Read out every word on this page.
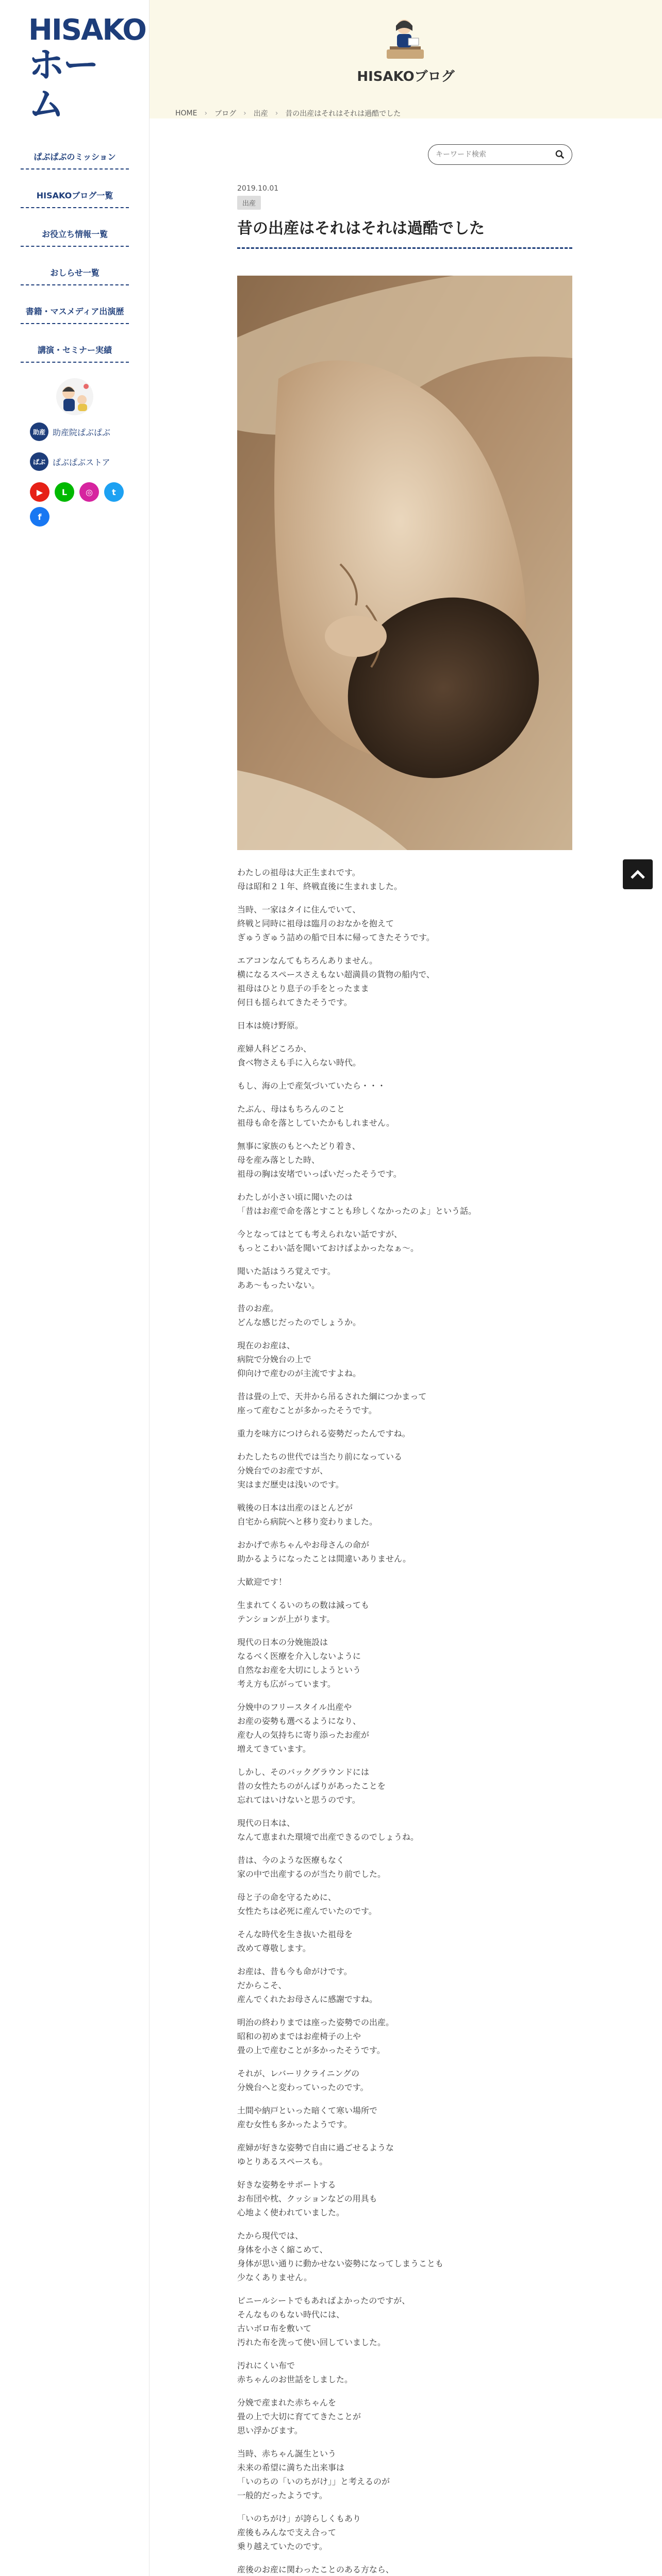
HISAKO
ホーム
ぱぶぱぶのミッション
HISAKOブログ一覧
お役立ち情報一覧
おしらせ一覧
書籍・マスメディア出演歴
講演・セミナー実績
助産 助産院ぱぶぱぶ
ぱぶ ぱぶぱぶストア
▶	L	◎	t
f
HISAKOブログ
HOME › ブログ › 出産 › 昔の出産はそれはそれは過酷でした
キーワード検索
2019.10.01
出産
昔の出産はそれはそれは過酷でした

わたしの祖母は大正生まれです。
母は昭和２１年、終戦直後に生まれました。

当時、一家はタイに住んでいて、
終戦と同時に祖母は臨月のおなかを抱えて
ぎゅうぎゅう詰めの船で日本に帰ってきたそうです。

エアコンなんてもちろんありません。
横になるスペースさえもない超満員の貨物の船内で、
祖母はひとり息子の手をとったまま
何日も揺られてきたそうです。

日本は焼け野原。

産婦人科どころか、
食べ物さえも手に入らない時代。

もし、海の上で産気づいていたら・・・

たぶん、母はもちろんのこと
祖母も命を落としていたかもしれません。

無事に家族のもとへたどり着き、
母を産み落とした時、
祖母の胸は安堵でいっぱいだったそうです。

わたしが小さい頃に聞いたのは
「昔はお産で命を落とすことも珍しくなかったのよ」という話。

今となってはとても考えられない話ですが、
もっとこわい話を聞いておけばよかったなぁ〜。

聞いた話はうろ覚えです。
ああ〜もったいない。

昔のお産。
どんな感じだったのでしょうか。

現在のお産は、
病院で分娩台の上で
仰向けで産むのが主流ですよね。

昔は畳の上で、天井から吊るされた綱につかまって
座って産むことが多かったそうです。

重力を味方につけられる姿勢だったんですね。

わたしたちの世代では当たり前になっている
分娩台でのお産ですが、
実はまだ歴史は浅いのです。

戦後の日本は出産のほとんどが
自宅から病院へと移り変わりました。

おかげで赤ちゃんやお母さんの命が
助かるようになったことは間違いありません。

大歓迎です！

生まれてくるいのちの数は減っても
テンションが上がります。

現代の日本の分娩施設は
なるべく医療を介入しないように
自然なお産を大切にしようという
考え方も広がっています。

分娩中のフリースタイル出産や
お産の姿勢も選べるようになり、
産む人の気持ちに寄り添ったお産が
増えてきています。

しかし、そのバックグラウンドには
昔の女性たちのがんばりがあったことを
忘れてはいけないと思うのです。

現代の日本は、
なんて恵まれた環境で出産できるのでしょうね。

昔は、今のような医療もなく
家の中で出産するのが当たり前でした。

母と子の命を守るために、
女性たちは必死に産んでいたのです。

そんな時代を生き抜いた祖母を
改めて尊敬します。

お産は、昔も今も命がけです。
だからこそ、
産んでくれたお母さんに感謝ですね。

明治の終わりまでは座った姿勢での出産。
昭和の初めまではお産椅子の上や
畳の上で産むことが多かったそうです。

それが、レバーリクライニングの
分娩台へと変わっていったのです。

土間や納戸といった暗くて寒い場所で
産む女性も多かったようです。

産婦が好きな姿勢で自由に過ごせるような
ゆとりあるスペースも。

好きな姿勢をサポートする
お布団や枕、クッションなどの用具も
心地よく使われていました。

たから現代では、
身体を小さく縮こめて、
身体が思い通りに動かせない姿勢になってしまうことも
少なくありません。

ビニールシートでもあればよかったのですが、
そんなものもない時代には、
古いボロ布を敷いて
汚れた布を洗って使い回していました。

汚れにくい布で
赤ちゃんのお世話をしました。

分娩で産まれた赤ちゃんを
畳の上で大切に育ててきたことが
思い浮かびます。

当時、赤ちゃん誕生という
未来の希望に満ちた出来事は
「いのちの「いのちがけ」」と考えるのが
一般的だったようです。

「いのちがけ」が誇らしくもあり
産後もみんなで支え合って
乗り越えていたのです。

産後のお産に関わったことのある方なら、
